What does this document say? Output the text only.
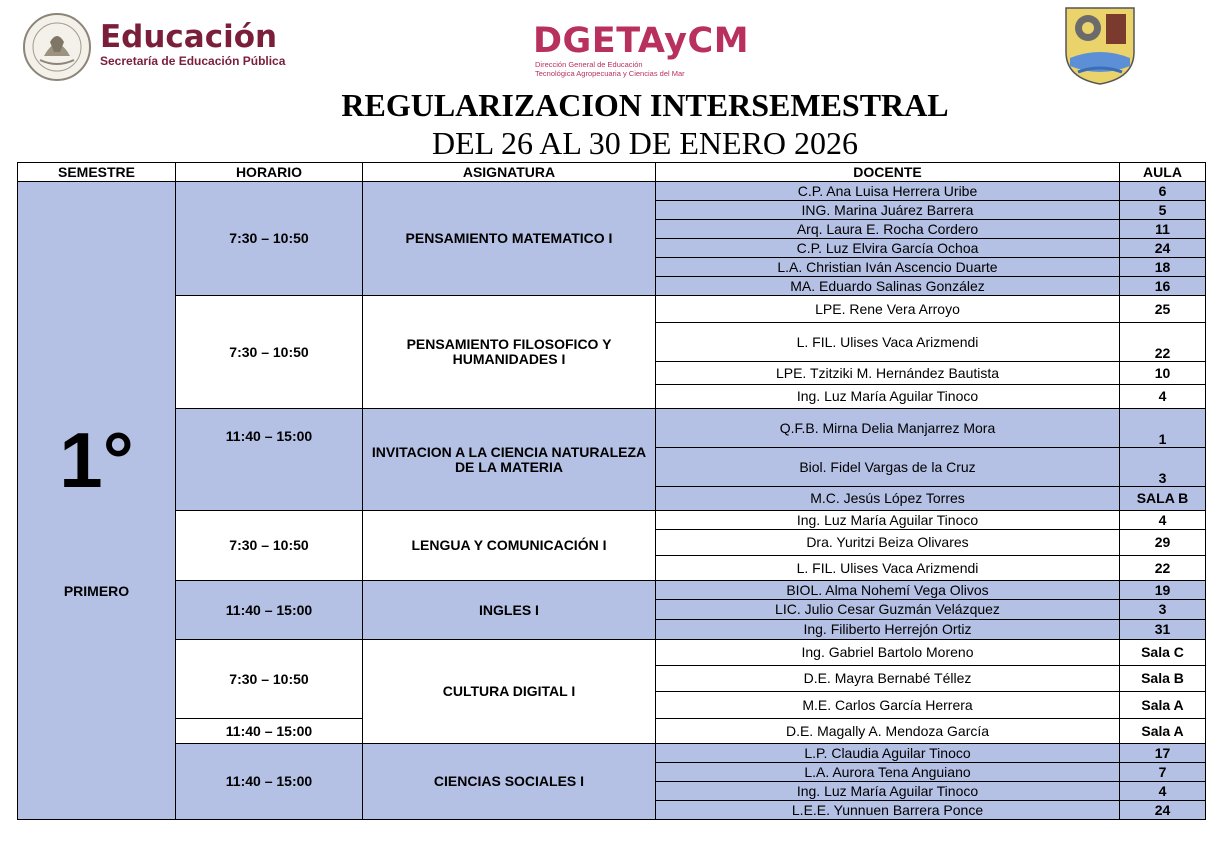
Educación
Secretaría de Educación Pública	DGETAyCM
Dirección General de Educación
Tecnológica Agropecuaria y Ciencias del Mar
REGULARIZACION INTERSEMESTRAL
DEL 26 AL 30 DE ENERO 2026
SEMESTRE	HORARIO	ASIGNATURA	DOCENTE	AULA

1°
PRIMERO	7:30 – 10:50	PENSAMIENTO MATEMATICO I	C.P. Ana Luisa Herrera Uribe	6
			ING. Marina Juárez Barrera	5
			Arq. Laura E. Rocha Cordero	11
			C.P. Luz Elvira García Ochoa	24
			L.A. Christian Iván Ascencio Duarte	18
			MA. Eduardo Salinas González	16
	7:30 – 10:50	PENSAMIENTO FILOSOFICO Y HUMANIDADES I	LPE. Rene Vera Arroyo	25
			L. FIL. Ulises Vaca Arizmendi	22
			LPE. Tzitziki M. Hernández Bautista	10
			Ing. Luz María Aguilar Tinoco	4
	11:40 – 15:00	INVITACION A LA CIENCIA NATURALEZA DE LA MATERIA	Q.F.B. Mirna Delia Manjarrez Mora	1
			Biol. Fidel Vargas de la Cruz	3
			M.C. Jesús López Torres	SALA B
	7:30 – 10:50	LENGUA Y COMUNICACIÓN I	Ing. Luz María Aguilar Tinoco	4
			Dra. Yuritzi Beiza Olivares	29
			L. FIL. Ulises Vaca Arizmendi	22
	11:40 – 15:00	INGLES I	BIOL. Alma Nohemí Vega Olivos	19
			LIC. Julio Cesar Guzmán Velázquez	3
			Ing. Filiberto Herrejón Ortiz	31
	7:30 – 10:50	CULTURA DIGITAL I	Ing. Gabriel Bartolo Moreno	Sala C
			D.E. Mayra Bernabé Téllez	Sala B
			M.E. Carlos García Herrera	Sala A
	11:40 – 15:00		D.E. Magally A. Mendoza García	Sala A
	11:40 – 15:00	CIENCIAS SOCIALES I	L.P. Claudia Aguilar Tinoco	17
			L.A. Aurora Tena Anguiano	7
			Ing. Luz María Aguilar Tinoco	4
			L.E.E. Yunnuen Barrera Ponce	24
